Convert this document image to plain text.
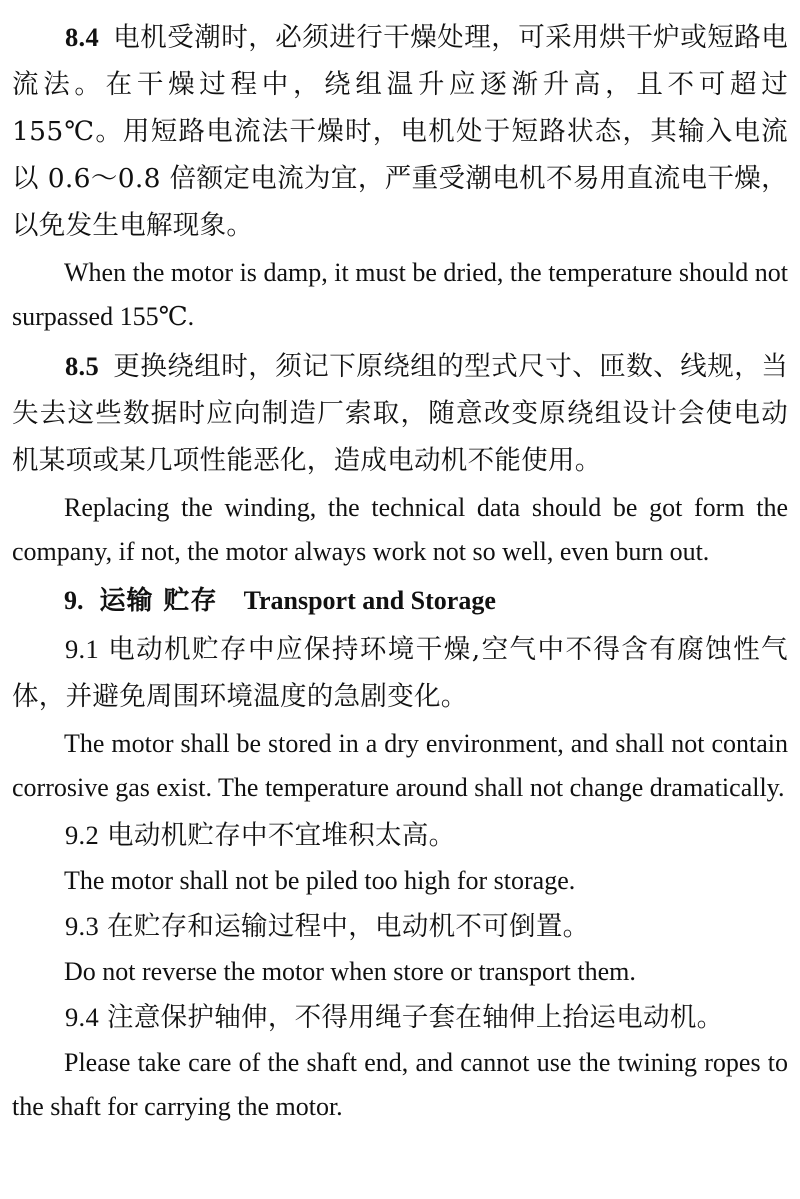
8.4 电机受潮时，必须进行干燥处理，可采用烘干炉或短路电流法。在干燥过程中，绕组温升应逐渐升高，且不可超过155℃。用短路电流法干燥时，电机处于短路状态，其输入电流以 0.6～0.8 倍额定电流为宜，严重受潮电机不易用直流电干燥，以免发生电解现象。
When the motor is damp, it must be dried, the temperature should not surpassed 155℃.
8.5 更换绕组时，须记下原绕组的型式尺寸、匝数、线规，当失去这些数据时应向制造厂索取，随意改变原绕组设计会使电动机某项或某几项性能恶化，造成电动机不能使用。
Replacing the winding, the technical data should be got form the company, if not, the motor always work not so well, even burn out.
9. 运输 贮存 Transport and Storage
9.1 电动机贮存中应保持环境干燥,空气中不得含有腐蚀性气体，并避免周围环境温度的急剧变化。
The motor shall be stored in a dry environment, and shall not contain corrosive gas exist. The temperature around shall not change dramatically.
9.2 电动机贮存中不宜堆积太高。
The motor shall not be piled too high for storage.
9.3 在贮存和运输过程中，电动机不可倒置。
Do not reverse the motor when store or transport them.
9.4 注意保护轴伸，不得用绳子套在轴伸上抬运电动机。
Please take care of the shaft end, and cannot use the twining ropes to the shaft for carrying the motor.
